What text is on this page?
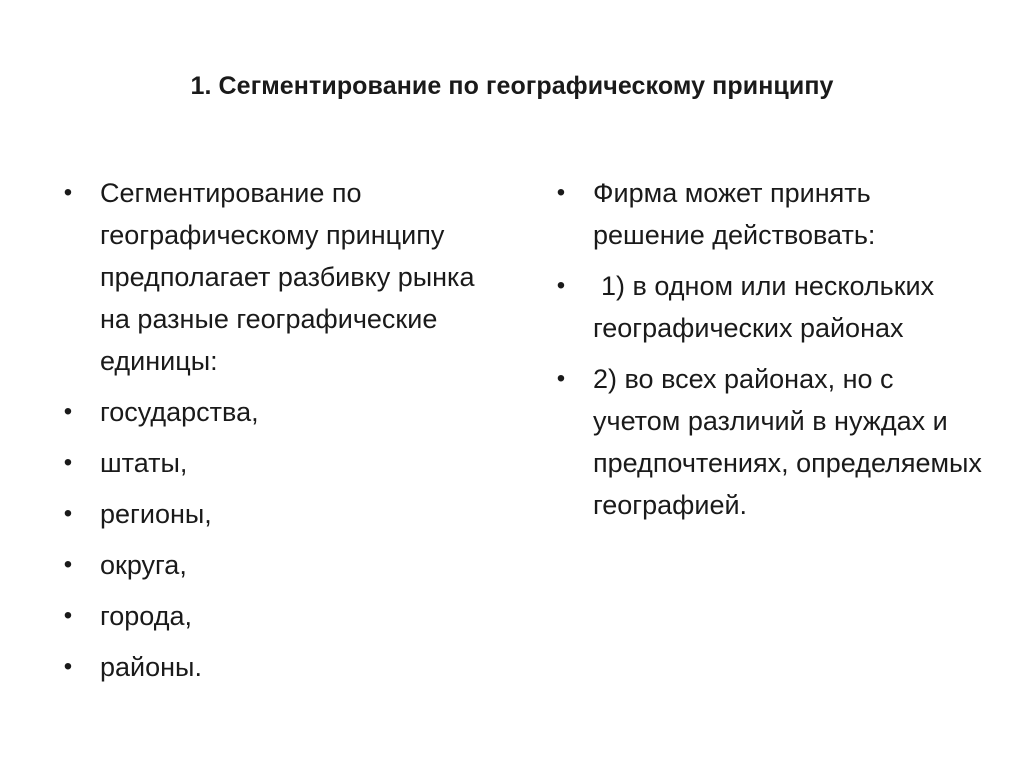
1. Сегментирование по географическому принципу
• Сегментирование по географическому принципу предполагает разбивку рынка на разные географические единицы:
• государства,
• штаты,
• регионы,
• округа,
• города,
• районы.
• Фирма может принять решение действовать:
•	1) в одном или нескольких географических районах
• 2) во всех районах, но с учетом различий в нуждах и предпочтениях, определяемых географией.
